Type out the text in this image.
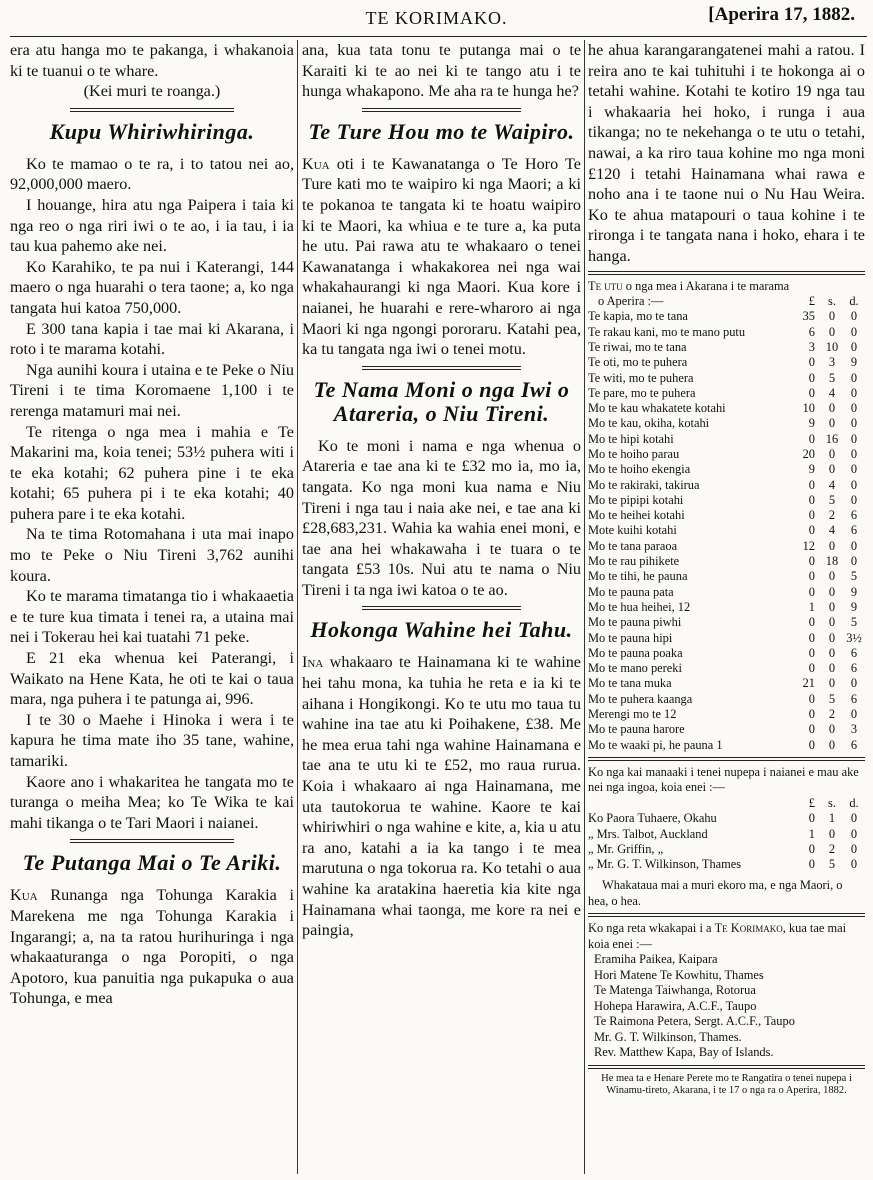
TE KORIMAKO.	[Aperira 17, 1882.

era atu hanga mo te pakanga, i whakanoia ki te tuanui o te whare.

(Kei muri te roanga.)

Kupu Whiriwhiringa.

Ko te mamao o te ra, i to tatou nei ao, 92,000,000 maero.

I houange, hira atu nga Paipera i taia ki nga reo o nga riri iwi o te ao, i ia tau, i ia tau kua pahemo ake nei.

Ko Karahiko, te pa nui i Katerangi, 144 maero o nga huarahi o tera taone; a, ko nga tangata hui katoa 750,000.

E 300 tana kapia i tae mai ki Akarana, i roto i te marama kotahi.

Nga aunihi koura i utaina e te Peke o Niu Tireni i te tima Koromaene 1,100 i te rerenga matamuri mai nei.

Te ritenga o nga mea i mahia e Te Makarini ma, koia tenei; 53½ puhera witi i te eka kotahi; 62 puhera pine i te eka kotahi; 65 puhera pi i te eka kotahi; 40 puhera pare i te eka kotahi.

Na te tima Rotomahana i uta mai inapo mo te Peke o Niu Tireni 3,762 aunihi koura.

Ko te marama timatanga tio i whakaaetia e te ture kua timata i tenei ra, a utaina mai nei i Tokerau hei kai tuatahi 71 peke.

E 21 eka whenua kei Paterangi, i Waikato na Hene Kata, he oti te kai o taua mara, nga puhera i te patunga ai, 996.

I te 30 o Maehe i Hinoka i wera i te kapura he tima mate iho 35 tane, wahine, tamariki.

Kaore ano i whakaritea he tangata mo te turanga o meiha Mea; ko Te Wika te kai mahi tikanga o te Tari Maori i naianei.

Te Putanga Mai o Te Ariki.

Kua Runanga nga Tohunga Karakia i Marekena me nga Tohunga Karakia i Ingarangi; a, na ta ratou hurihuringa i nga whakaaturanga o nga Poropiti, o nga Apotoro, kua panuitia nga pukapuka o aua Tohunga, e mea

ana, kua tata tonu te putanga mai o te Karaiti ki te ao nei ki te tango atu i te hunga whakapono. Me aha ra te hunga he?

Te Ture Hou mo te Waipiro.

Kua oti i te Kawanatanga o Te Horo Te Ture kati mo te waipiro ki nga Maori; a ki te pokanoa te tangata ki te hoatu waipiro ki te Maori, ka whiua e te ture a, ka puta he utu. Pai rawa atu te whakaaro o tenei Kawanatanga i whakakorea nei nga wai whakahaurangi ki nga Maori. Kua kore i naianei, he huarahi e rere-wharoro ai nga Maori ki nga ngongi pororaru. Katahi pea, ka tu tangata nga iwi o tenei motu.

Te Nama Moni o nga Iwi o Atareria, o Niu Tireni.

Ko te moni i nama e nga whenua o Atareria e tae ana ki te £32 mo ia, mo ia, tangata. Ko nga moni kua nama e Niu Tireni i nga tau i naia ake nei, e tae ana ki £28,683,231. Wahia ka wahia enei moni, e tae ana hei whakawaha i te tuara o te tangata £53 10s. Nui atu te nama o Niu Tireni i ta nga iwi katoa o te ao.

Hokonga Wahine hei Tahu.

Ina whakaaro te Hainamana ki te wahine hei tahu mona, ka tuhia he reta e ia ki te aihana i Hongikongi. Ko te utu mo taua tu wahine ina tae atu ki Poihakene, £38. Me he mea erua tahi nga wahine Hainamana e tae ana te utu ki te £52, mo raua rurua. Koia i whakaaro ai nga Hainamana, me uta tautokorua te wahine. Kaore te kai whiriwhiri o nga wahine e kite, a, kia u atu ra ano, katahi a ia ka tango i te mea marutuna o nga tokorua ra. Ko tetahi o aua wahine ka aratakina haeretia kia kite nga Hainamana whai taonga, me kore ra nei e paingia,

he ahua karangarangatenei mahi a ratou. I reira ano te kai tuhituhi i te hokonga ai o tetahi wahine. Kotahi te kotiro 19 nga tau i whakaaria hei hoko, i runga i aua tikanga; no te nekehanga o te utu o tetahi, nawai, a ka riro taua kohine mo nga moni £120 i tetahi Hainamana whai rawa e noho ana i te taone nui o Nu Hau Weira. Ko te ahua matapouri o taua kohine i te rironga i te tangata nana i hoko, ehara i te hanga.

Te utu o nga mea i Akarana i te marama
o Aperira :—	£	s.	d.
Te kapia, mo te tana	35	0	0
Te rakau kani, mo te mano putu	6	0	0
Te riwai, mo te tana	3	10	0
Te oti, mo te puhera	0	3	9
Te witi, mo te puhera	0	5	0
Te pare, mo te puhera	0	4	0
Mo te kau whakatete kotahi	10	0	0
Mo te kau, okiha, kotahi	9	0	0
Mo te hipi kotahi	0	16	0
Mo te hoiho parau	20	0	0
Mo te hoiho ekengia	9	0	0
Mo te rakiraki, takirua	0	4	0
Mo te pipipi kotahi	0	5	0
Mo te heihei kotahi	0	2	6
Mote kuihi kotahi	0	4	6
Mo te tana paraoa	12	0	0
Mo te rau pihikete	0	18	0
Mo te tihi, he pauna	0	0	5
Mo te pauna pata	0	0	9
Mo te hua heihei, 12	1	0	9
Mo te pauna piwhi	0	0	5
Mo te pauna hipi	0	0	3½
Mo te pauna poaka	0	0	6
Mo te mano pereki	0	0	6
Mo te tana muka	21	0	0
Mo te puhera kaanga	0	5	6
Merengi mo te 12	0	2	0
Mo te pauna harore	0	0	3
Mo te waaki pi, he pauna 1	0	0	6
Ko nga kai manaaki i tenei nupepa i naianei e mau ake nei nga ingoa, koia enei :—
	£	s.	d.
Ko Paora Tuhaere, Okahu	0	1	0
„ Mrs. Talbot, Auckland	1	0	0
„ Mr. Griffin, „	0	2	0
„ Mr. G. T. Wilkinson, Thames	0	5	0
Whakataua mai a muri ekoro ma, e nga Maori, o hea, o hea.
Ko nga reta wkakapai i a Te Korimako, kua tae mai koia enei :—
Eramiha Paikea, Kaipara
Hori Matene Te Kowhitu, Thames
Te Matenga Taiwhanga, Rotorua
Hohepa Harawira, A.C.F., Taupo
Te Raimona Petera, Sergt. A.C.F., Taupo
Mr. G. T. Wilkinson, Thames.
Rev. Matthew Kapa, Bay of Islands.
He mea ta e Henare Perete mo te Rangatira o tenei nupepa i Winamu-tireto, Akarana, i te 17 o nga ra o Aperira, 1882.
